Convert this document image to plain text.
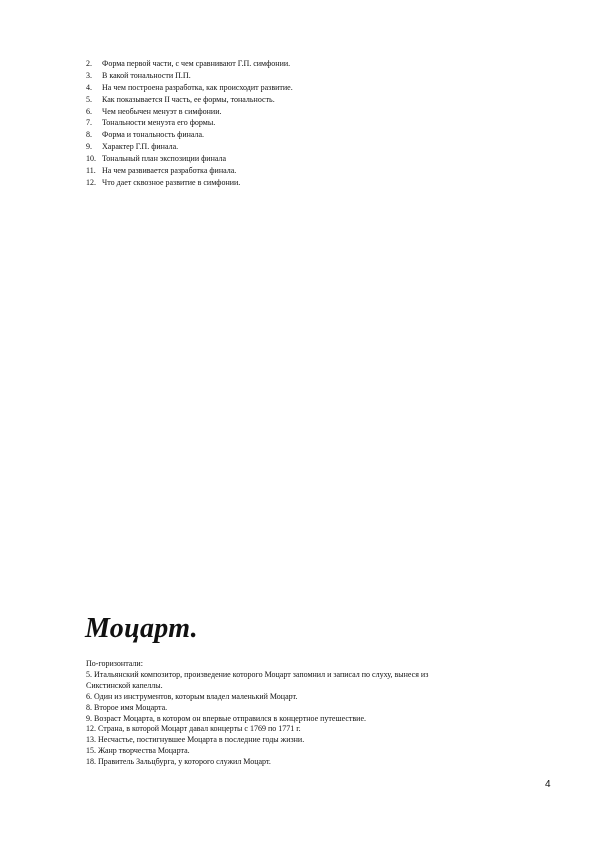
2.	Форма первой части, с чем сравнивают Г.П. симфонии.
3.	В какой тональности П.П.
4.	На чем построена разработка, как происходит развитие.
5.	Как показывается II часть, ее формы, тональность.
6.	Чем необычен менуэт в симфонии.
7.	Тональности менуэта его формы.
8.	Форма и тональность финала.
9.	Характер Г.П. финала.
10. Тональный план экспозиции финала
11. На чем развивается разработка финала.
12. Что дает сквозное развитие в симфонии.
Моцарт.
По-горизонтали:
5. Итальянский композитор, произведение которого Моцарт запомнил и записал по слуху, вынеся из
Сикстинской капеллы.
6. Один из инструментов, которым владел маленький Моцарт.
8. Второе имя Моцарта.
9. Возраст Моцарта, в котором он впервые отправился в концертное путешествие.
12. Страна, в которой Моцарт давал концерты с 1769 по 1771 г.
13. Несчастье, постигнувшее Моцарта в последние годы жизни.
15. Жанр творчества Моцарта.
18. Правитель Зальцбурга, у которого служил Моцарт.
4
